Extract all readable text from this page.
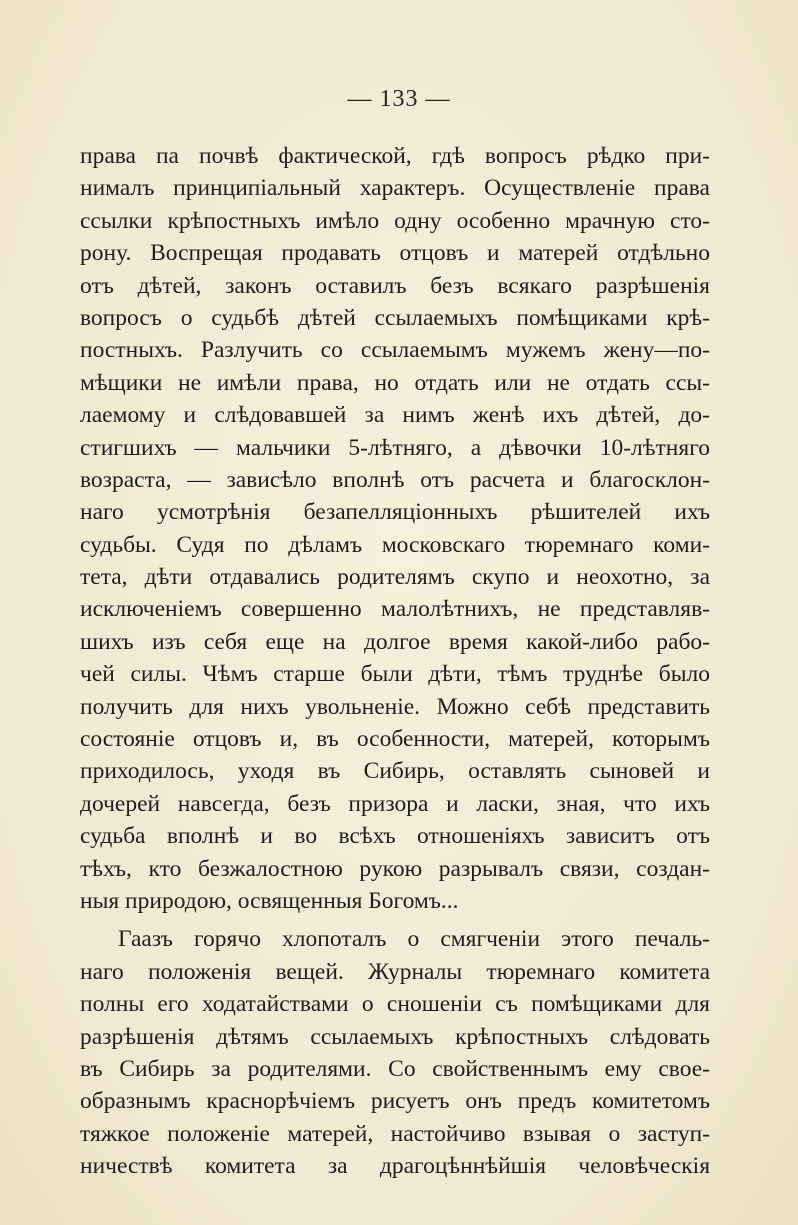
— 133 —
права па почвѣ фактической, гдѣ вопросъ рѣдко при-
нималъ принципіальный характеръ. Осуществленіе права
ссылки крѣпостныхъ имѣло одну особенно мрачную сто-
рону. Воспрещая продавать отцовъ и матерей отдѣльно
отъ дѣтей, законъ оставилъ безъ всякаго разрѣшенія
вопросъ о судьбѣ дѣтей ссылаемыхъ помѣщиками крѣ-
постныхъ. Разлучить со ссылаемымъ мужемъ жену—по-
мѣщики не имѣли права, но отдать или не отдать ссы-
лаемому и слѣдовавшей за нимъ женѣ ихъ дѣтей, до-
стигшихъ — мальчики 5-лѣтняго, а дѣвочки 10-лѣтняго
возраста, — зависѣло вполнѣ отъ расчета и благосклон-
наго усмотрѣнія безапелляціонныхъ рѣшителей ихъ
судьбы. Судя по дѣламъ московскаго тюремнаго коми-
тета, дѣти отдавались родителямъ скупо и неохотно, за
исключеніемъ совершенно малолѣтнихъ, не представляв-
шихъ изъ себя еще на долгое время какой-либо рабо-
чей силы. Чѣмъ старше были дѣти, тѣмъ труднѣе было
получить для нихъ увольненіе. Можно себѣ представить
состояніе отцовъ и, въ особенности, матерей, которымъ
приходилось, уходя въ Сибирь, оставлять сыновей и
дочерей навсегда, безъ призора и ласки, зная, что ихъ
судьба вполнѣ и во всѣхъ отношеніяхъ зависитъ отъ
тѣхъ, кто безжалостною рукою разрывалъ связи, создан-
ныя природою, освященныя Богомъ...
Гаазъ горячо хлопоталъ о смягченіи этого печаль-
наго положенія вещей. Журналы тюремнаго комитета
полны его ходатайствами о сношеніи съ помѣщиками для
разрѣшенія дѣтямъ ссылаемыхъ крѣпостныхъ слѣдовать
въ Сибирь за родителями. Со свойственнымъ ему свое-
образнымъ краснорѣчіемъ рисуетъ онъ предъ комитетомъ
тяжкое положеніе матерей, настойчиво взывая о заступ-
ничествѣ комитета за драгоцѣннѣйшія человѣческія
